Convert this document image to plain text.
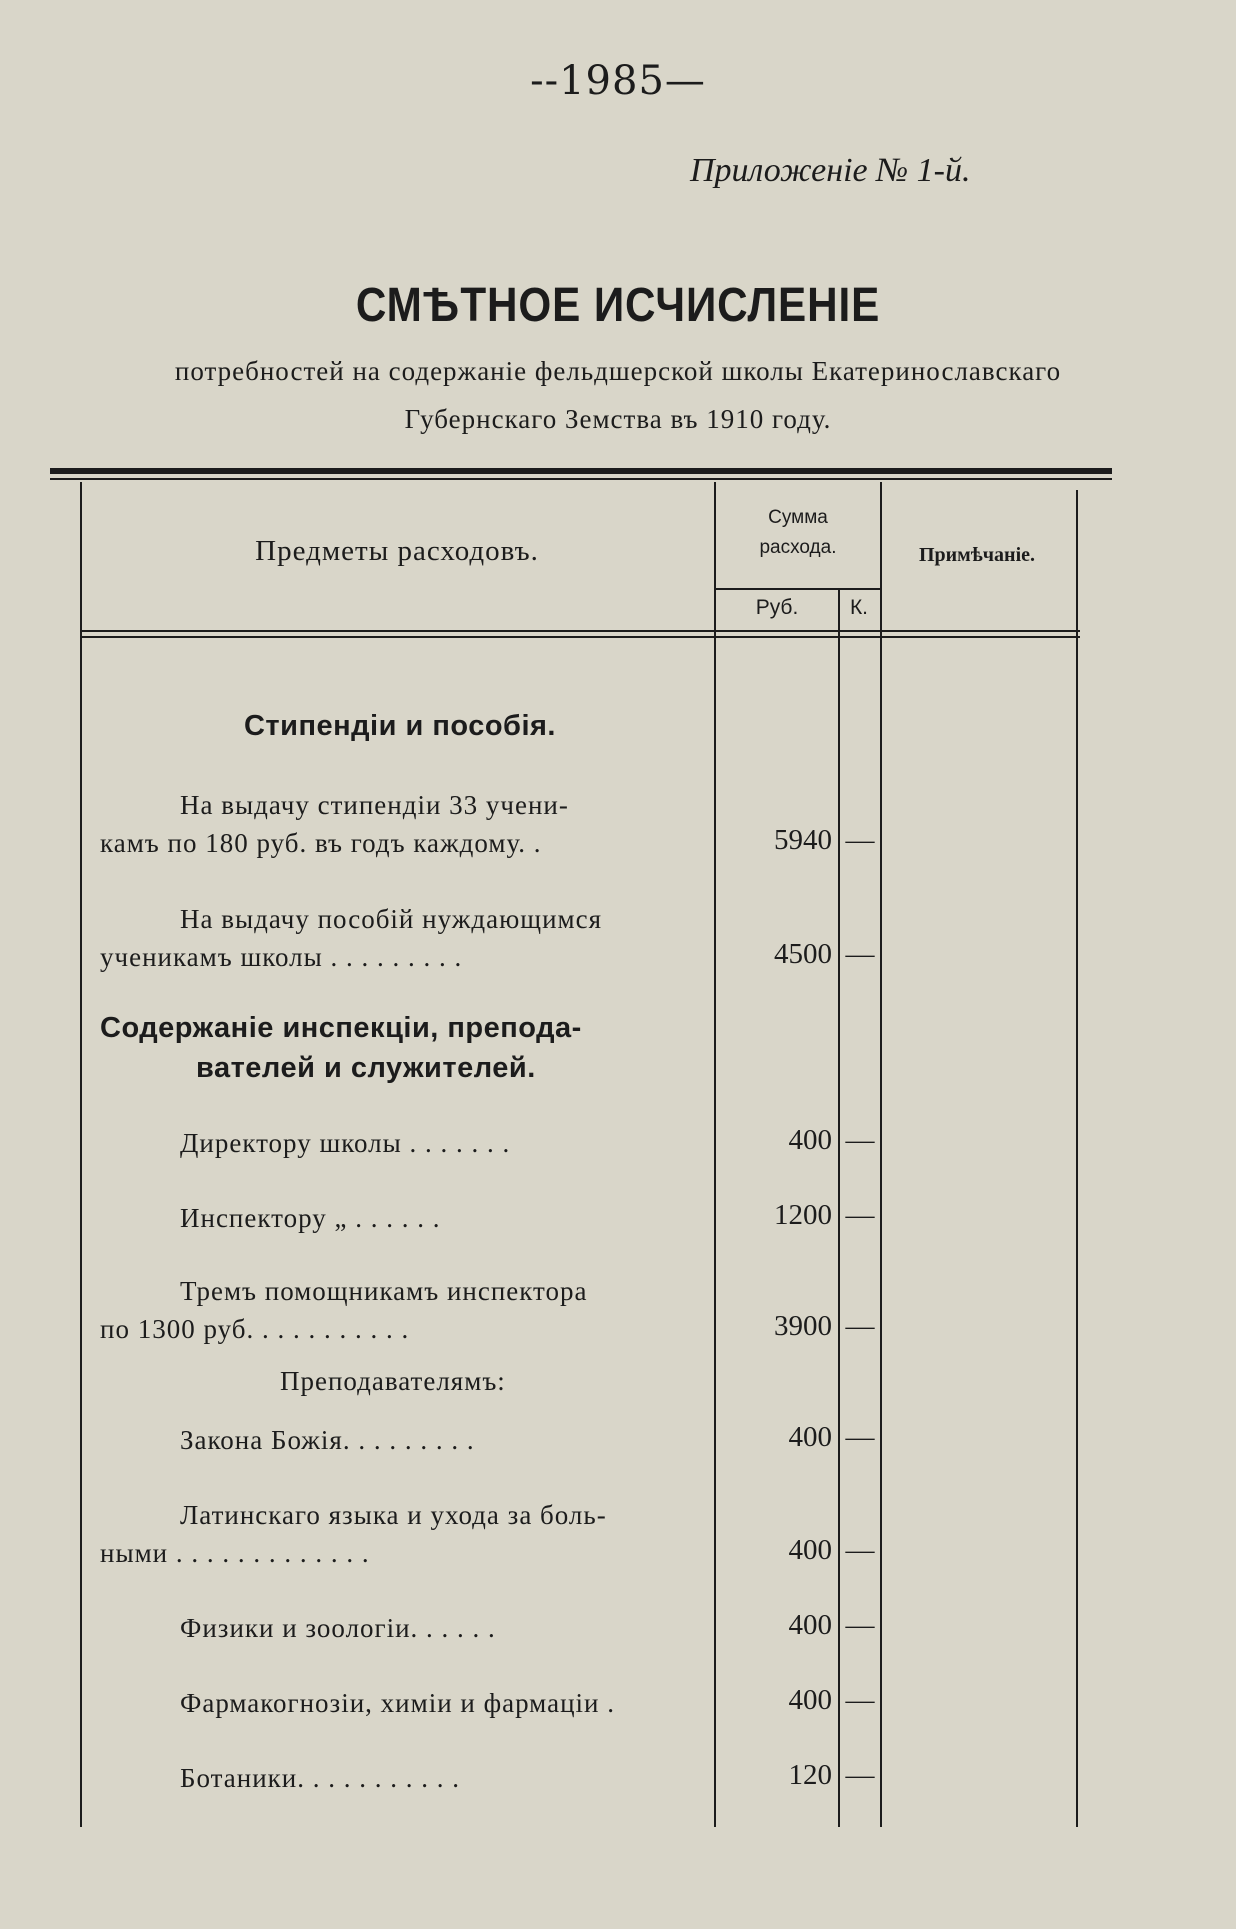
--1985—
Приложенiе № 1-й.
СМѢТНОЕ ИСЧИСЛЕНIЕ
потребностей на содержанiе фельдшерской школы Екатеринославскаго
Губернскаго Земства въ 1910 году.
Предметы расходовъ.
Сумма
расхода.
Руб.	К.
Примѣчанiе.
Стипендiи и пособiя.
На выдачу стипендiи 33 учени-
камъ по 180 руб. въ годъ каждому. .	5940 —
На выдачу пособiй нуждающимся
ученикамъ школы . . . . . . . . .	4500 —
Содержанiе инспекцiи, препода-
вателей и служителей.
Директору школы . . . . . . .	400 —
Инспектору „ . . . . . .	1200 —
Тремъ помощникамъ инспектора
по 1300 руб. . . . . . . . . . .	3900 —
Преподавателямъ:
Закона Божiя. . . . . . . . .	400 —
Латинскаго языка и ухода за боль-
ными . . . . . . . . . . . . .	400 —
Физики и зоологiи. . . . . .	400 —
Фармакогнозiи, химiи и фармацiи .	400 —
Ботаники. . . . . . . . . . .	120 —
